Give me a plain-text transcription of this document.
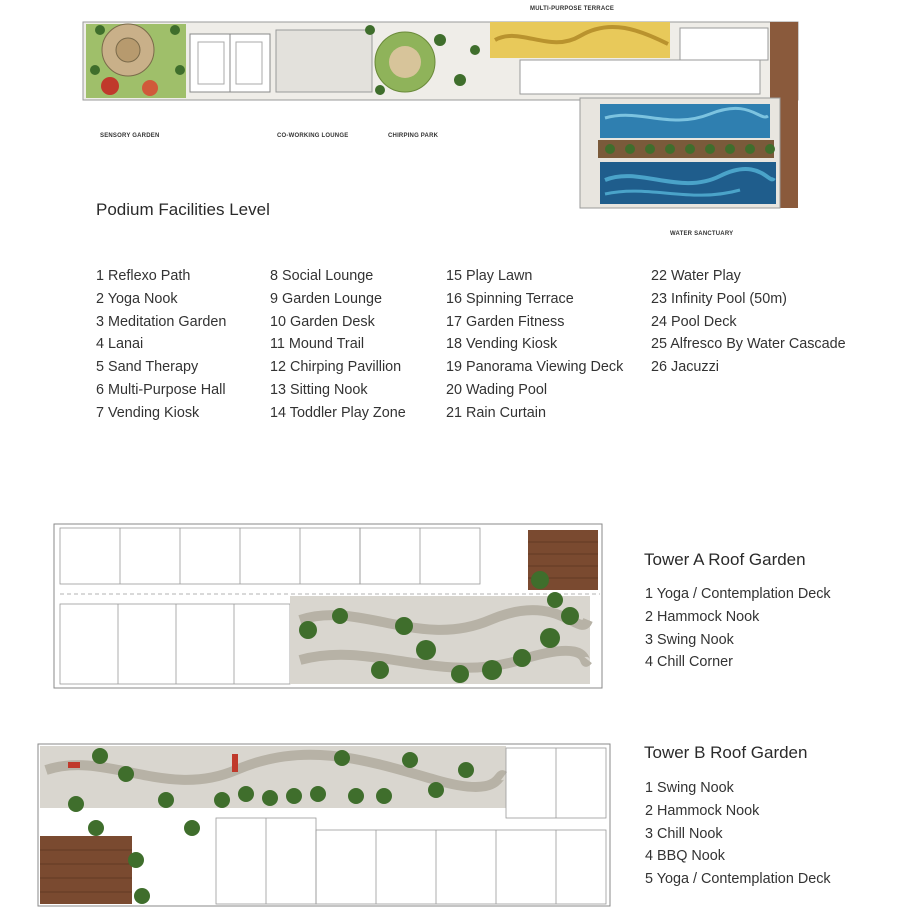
MULTI-PURPOSE TERRACE
SENSORY GARDEN	CO-WORKING LOUNGE	CHIRPING PARK
WATER SANCTUARY
Podium Facilities Level
1 Reflexo Path
2 Yoga Nook
3 Meditation Garden
4 Lanai
5 Sand Therapy
6 Multi-Purpose Hall
7 Vending Kiosk
8 Social Lounge
9 Garden Lounge
10 Garden Desk
11 Mound Trail
12 Chirping Pavillion
13 Sitting Nook
14 Toddler Play Zone
15 Play Lawn
16 Spinning Terrace
17 Garden Fitness
18 Vending Kiosk
19 Panorama Viewing Deck
20 Wading Pool
21 Rain Curtain
22 Water Play
23 Infinity Pool (50m)
24 Pool Deck
25 Alfresco By Water Cascade
26 Jacuzzi
Tower A Roof Garden
1 Yoga / Contemplation Deck
2 Hammock Nook
3 Swing Nook
4 Chill Corner
Tower B Roof Garden
1 Swing Nook
2 Hammock Nook
3 Chill Nook
4 BBQ Nook
5 Yoga / Contemplation Deck
